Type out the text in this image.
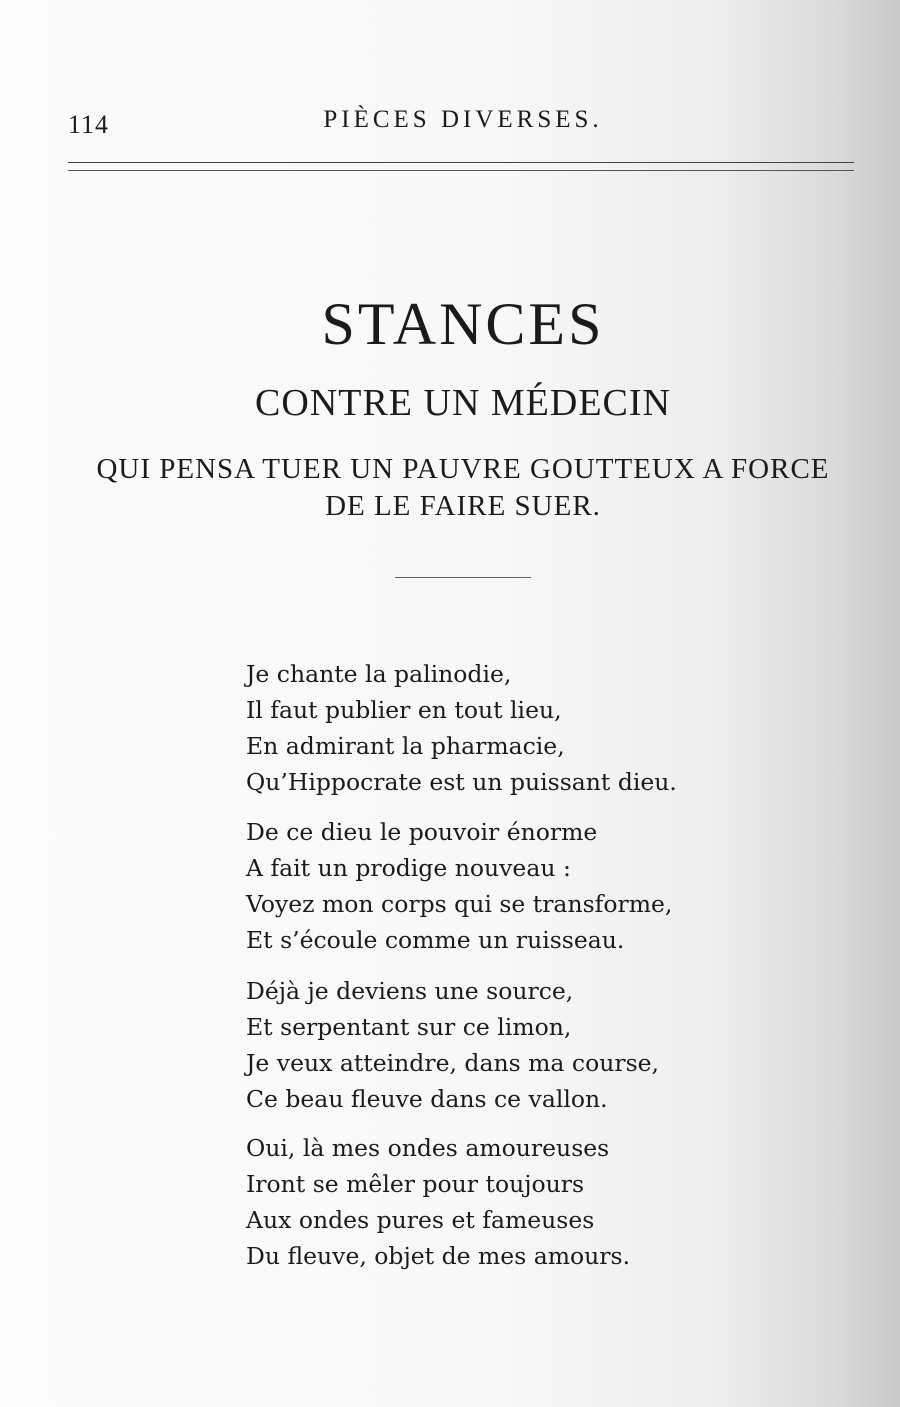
114	PIÈCES DIVERSES.
STANCES
CONTRE UN MÉDECIN
QUI PENSA TUER UN PAUVRE GOUTTEUX A FORCE
DE LE FAIRE SUER.
Je chante la palinodie,
Il faut publier en tout lieu,
En admirant la pharmacie,
Qu’Hippocrate est un puissant dieu.
De ce dieu le pouvoir énorme
A fait un prodige nouveau :
Voyez mon corps qui se transforme,
Et s’écoule comme un ruisseau.
Déjà je deviens une source,
Et serpentant sur ce limon,
Je veux atteindre, dans ma course,
Ce beau fleuve dans ce vallon.
Oui, là mes ondes amoureuses
Iront se mêler pour toujours
Aux ondes pures et fameuses
Du fleuve, objet de mes amours.
